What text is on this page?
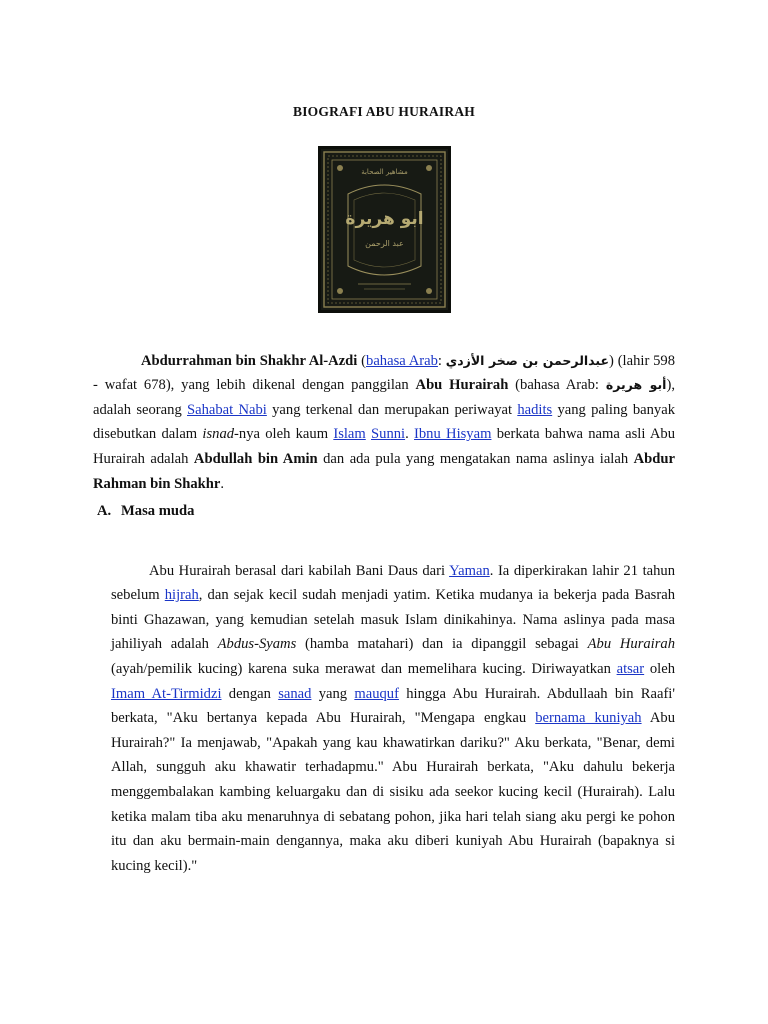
BIOGRAFI ABU HURAIRAH
مشاهير الصحابة
ابو هريرة
عبد الرحمن

Abdurrahman bin Shakhr Al-Azdi (bahasa Arab: عبدالرحمن بن صخر الأزدي) (lahir 598 - wafat 678), yang lebih dikenal dengan panggilan Abu Hurairah (bahasa Arab: أبو هريرة), adalah seorang Sahabat Nabi yang terkenal dan merupakan periwayat hadits yang paling banyak disebutkan dalam isnad-nya oleh kaum Islam Sunni. Ibnu Hisyam berkata bahwa nama asli Abu Hurairah adalah Abdullah bin Amin dan ada pula yang mengatakan nama aslinya ialah Abdur Rahman bin Shakhr.

A. Masa muda

Abu Hurairah berasal dari kabilah Bani Daus dari Yaman. Ia diperkirakan lahir 21 tahun sebelum hijrah, dan sejak kecil sudah menjadi yatim. Ketika mudanya ia bekerja pada Basrah binti Ghazawan, yang kemudian setelah masuk Islam dinikahinya. Nama aslinya pada masa jahiliyah adalah Abdus-Syams (hamba matahari) dan ia dipanggil sebagai Abu Hurairah (ayah/pemilik kucing) karena suka merawat dan memelihara kucing. Diriwayatkan atsar oleh Imam At-Tirmidzi dengan sanad yang mauquf hingga Abu Hurairah. Abdullaah bin Raafi' berkata, "Aku bertanya kepada Abu Hurairah, "Mengapa engkau bernama kuniyah Abu Hurairah?" Ia menjawab, "Apakah yang kau khawatirkan dariku?" Aku berkata, "Benar, demi Allah, sungguh aku khawatir terhadapmu." Abu Hurairah berkata, "Aku dahulu bekerja menggembalakan kambing keluargaku dan di sisiku ada seekor kucing kecil (Hurairah). Lalu ketika malam tiba aku menaruhnya di sebatang pohon, jika hari telah siang aku pergi ke pohon itu dan aku bermain-main dengannya, maka aku diberi kuniyah Abu Hurairah (bapaknya si kucing kecil)."
